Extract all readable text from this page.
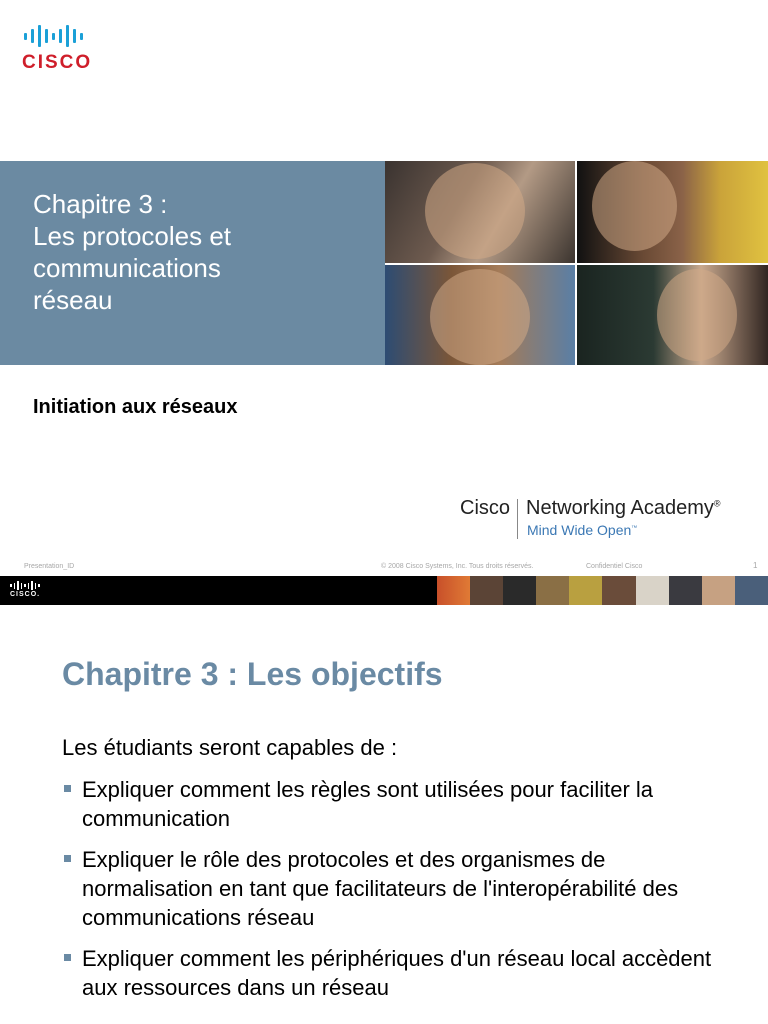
CISCO
Chapitre 3 :
Les protocoles et
communications
réseau
Initiation aux réseaux
Cisco Networking Academy®
Mind Wide Open™
Presentation_ID	© 2008 Cisco Systems, Inc. Tous droits réservés.	Confidentiel Cisco	1
CISCO.
Chapitre 3 : Les objectifs
Les étudiants seront capables de :
Expliquer comment les règles sont utilisées pour faciliter la communication
Expliquer le rôle des protocoles et des organismes de normalisation en tant que facilitateurs de l'interopérabilité des communications réseau
Expliquer comment les périphériques d'un réseau local accèdent aux ressources dans un réseau
